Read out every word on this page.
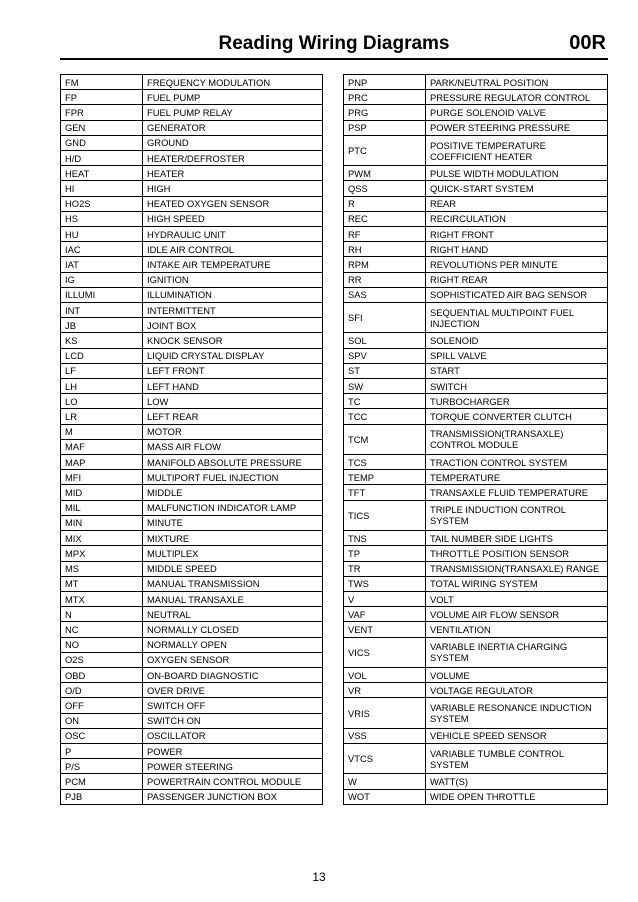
Reading Wiring Diagrams	00R
FM	FREQUENCY MODULATION
FP	FUEL PUMP
FPR	FUEL PUMP RELAY
GEN	GENERATOR
GND	GROUND
H/D	HEATER/DEFROSTER
HEAT	HEATER
HI	HIGH
HO2S	HEATED OXYGEN SENSOR
HS	HIGH SPEED
HU	HYDRAULIC UNIT
IAC	IDLE AIR CONTROL
IAT	INTAKE AIR TEMPERATURE
IG	IGNITION
ILLUMI	ILLUMINATION
INT	INTERMITTENT
JB	JOINT BOX
KS	KNOCK SENSOR
LCD	LIQUID CRYSTAL DISPLAY
LF	LEFT FRONT
LH	LEFT HAND
LO	LOW
LR	LEFT REAR
M	MOTOR
MAF	MASS AIR FLOW
MAP	MANIFOLD ABSOLUTE PRESSURE
MFI	MULTIPORT FUEL INJECTION
MID	MIDDLE
MIL	MALFUNCTION INDICATOR LAMP
MIN	MINUTE
MIX	MIXTURE
MPX	MULTIPLEX
MS	MIDDLE SPEED
MT	MANUAL TRANSMISSION
MTX	MANUAL TRANSAXLE
N	NEUTRAL
NC	NORMALLY CLOSED
NO	NORMALLY OPEN
O2S	OXYGEN SENSOR
OBD	ON-BOARD DIAGNOSTIC
O/D	OVER DRIVE
OFF	SWITCH OFF
ON	SWITCH ON
OSC	OSCILLATOR
P	POWER
P/S	POWER STEERING
PCM	POWERTRAIN CONTROL MODULE
PJB	PASSENGER JUNCTION BOX
PNP	PARK/NEUTRAL POSITION
PRC	PRESSURE REGULATOR CONTROL
PRG	PURGE SOLENOID VALVE
PSP	POWER STEERING PRESSURE
PTC	POSITIVE TEMPERATURE COEFFICIENT HEATER
PWM	PULSE WIDTH MODULATION
QSS	QUICK-START SYSTEM
R	REAR
REC	RECIRCULATION
RF	RIGHT FRONT
RH	RIGHT HAND
RPM	REVOLUTIONS PER MINUTE
RR	RIGHT REAR
SAS	SOPHISTICATED AIR BAG SENSOR
SFI	SEQUENTIAL MULTIPOINT FUEL INJECTION
SOL	SOLENOID
SPV	SPILL VALVE
ST	START
SW	SWITCH
TC	TURBOCHARGER
TCC	TORQUE CONVERTER CLUTCH
TCM	TRANSMISSION(TRANSAXLE) CONTROL MODULE
TCS	TRACTION CONTROL SYSTEM
TEMP	TEMPERATURE
TFT	TRANSAXLE FLUID TEMPERATURE
TICS	TRIPLE INDUCTION CONTROL SYSTEM
TNS	TAIL NUMBER SIDE LIGHTS
TP	THROTTLE POSITION SENSOR
TR	TRANSMISSION(TRANSAXLE) RANGE
TWS	TOTAL WIRING SYSTEM
V	VOLT
VAF	VOLUME AIR FLOW SENSOR
VENT	VENTILATION
VICS	VARIABLE INERTIA CHARGING SYSTEM
VOL	VOLUME
VR	VOLTAGE REGULATOR
VRIS	VARIABLE RESONANCE INDUCTION SYSTEM
VSS	VEHICLE SPEED SENSOR
VTCS	VARIABLE TUMBLE CONTROL SYSTEM
W	WATT(S)
WOT	WIDE OPEN THROTTLE
13
